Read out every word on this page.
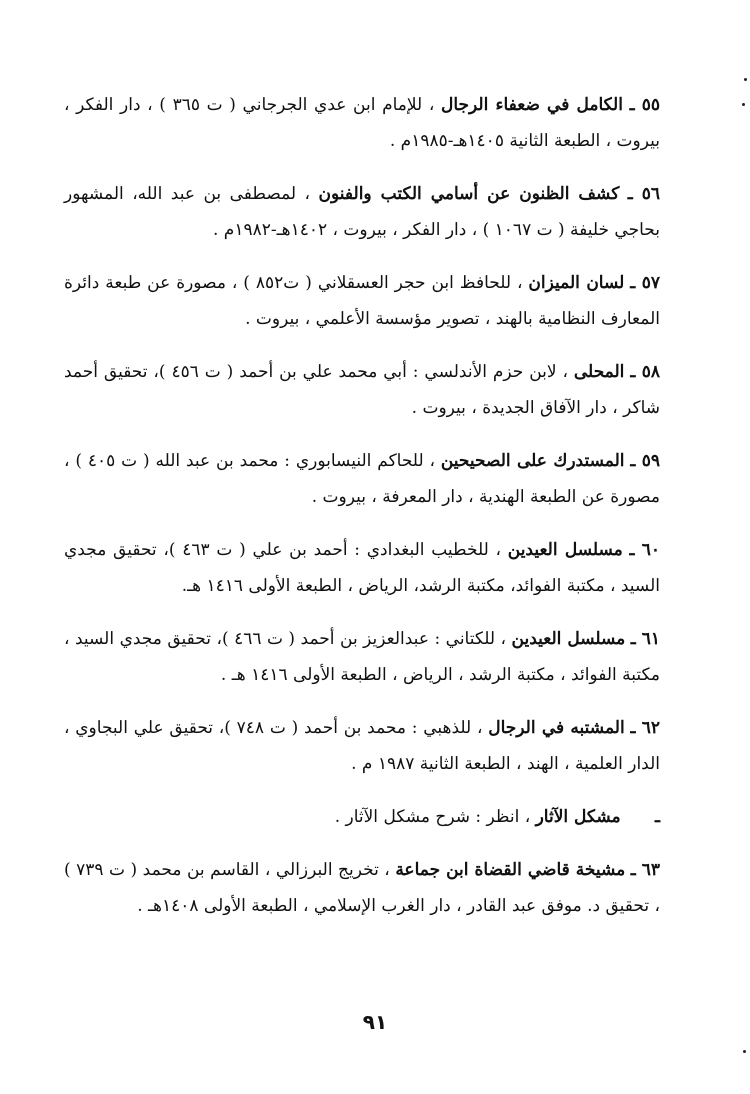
٥٥ ـ الكامل في ضعفاء الرجال ، للإمام ابن عدي الجرجاني ( ت ٣٦٥ ) ، دار الفكر ، بيروت ، الطبعة الثانية ١٤٠٥هـ-١٩٨٥م .

٥٦ ـ كشف الظنون عن أسامي الكتب والفنون ، لمصطفى بن عبد الله، المشهور بحاجي خليفة ( ت ١٠٦٧ ) ، دار الفكر ، بيروت ، ١٤٠٢هـ-١٩٨٢م .

٥٧ ـ لسان الميزان ، للحافظ ابن حجر العسقلاني ( ت٨٥٢ ) ، مصورة عن طبعة دائرة المعارف النظامية بالهند ، تصوير مؤسسة الأعلمي ، بيروت .

٥٨ ـ المحلى ، لابن حزم الأندلسي : أبي محمد علي بن أحمد ( ت ٤٥٦ )، تحقيق أحمد شاكر ، دار الآفاق الجديدة ، بيروت .

٥٩ ـ المستدرك على الصحيحين ، للحاكم النيسابوري : محمد بن عبد الله ( ت ٤٠٥ ) ، مصورة عن الطبعة الهندية ، دار المعرفة ، بيروت .

٦٠ ـ مسلسل العيدين ، للخطيب البغدادي : أحمد بن علي ( ت ٤٦٣ )، تحقيق مجدي السيد ، مكتبة الفوائد، مكتبة الرشد، الرياض ، الطبعة الأولى ١٤١٦ هـ.

٦١ ـ مسلسل العيدين ، للكتاني : عبدالعزيز بن أحمد ( ت ٤٦٦ )، تحقيق مجدي السيد ، مكتبة الفوائد ، مكتبة الرشد ، الرياض ، الطبعة الأولى ١٤١٦ هـ .

٦٢ ـ المشتبه في الرجال ، للذهبي : محمد بن أحمد ( ت ٧٤٨ )، تحقيق علي البجاوي ، الدار العلمية ، الهند ، الطبعة الثانية ١٩٨٧ م .

ـ مشكل الآثار ، انظر : شرح مشكل الآثار .

٦٣ ـ مشيخة قاضي القضاة ابن جماعة ، تخريج البرزالي ، القاسم بن محمد ( ت ٧٣٩ ) ، تحقيق د. موفق عبد القادر ، دار الغرب الإسلامي ، الطبعة الأولى ١٤٠٨هـ .

٩١
